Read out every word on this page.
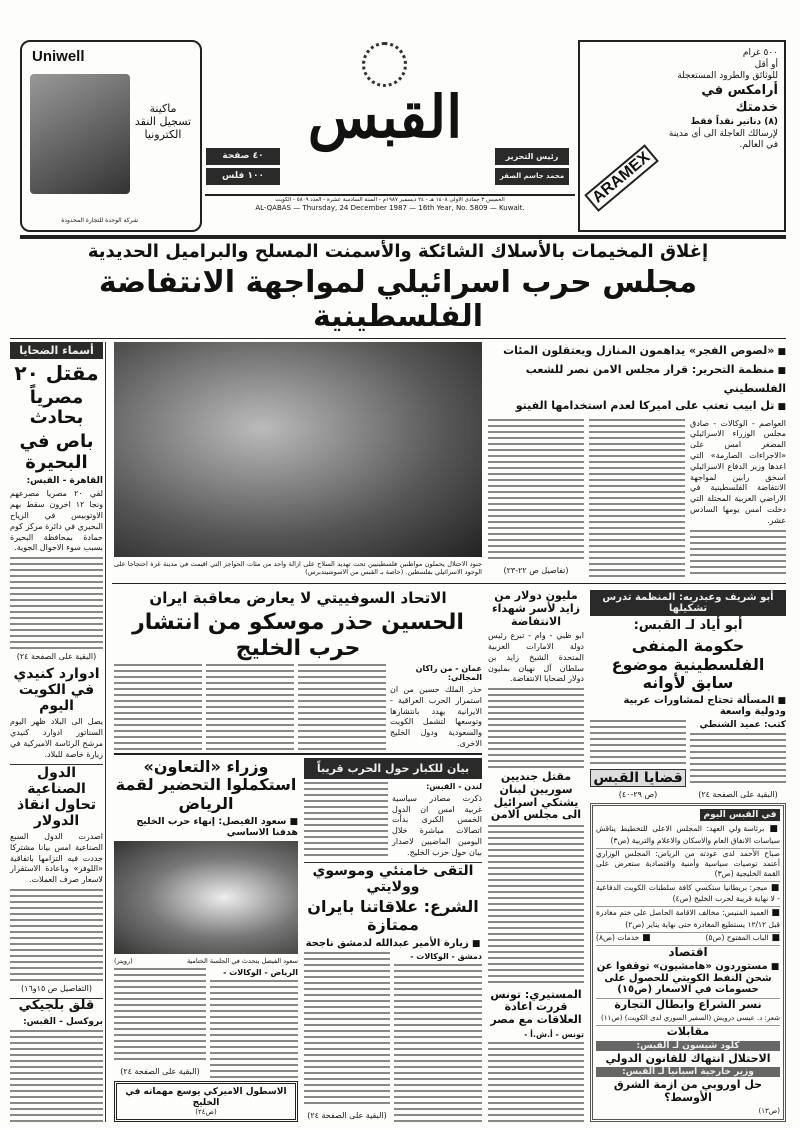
Uniwell
ماكينة تسجيل النقد الكترونيا
شركة الوحدة للتجارة المحدودة
٤٠ صفحة
١٠٠ فلس
القبس
رئيس التحرير
محمد جاسم الصقر
الخميس ٣ جمادى الاولى ١٤٠٨ هـ - ٢٤ ديسمبر ١٩٨٧م - السنة السادسة عشرة - العدد ٥٨٠٩ - الكويت
AL-QABAS — Thursday, 24 December 1987 — 16th Year, No. 5809 — Kuwait.
ARAMEX
٥٠٠ غرام
أو أقل
للوثائق والطرود المستعجلة
أرامكس في خدمتك
(٨) دنانير نقداً فقط
لإرسالك العاجلة الى أي مدينة في العالم.
إغلاق المخيمات بالأسلاك الشائكة والأسمنت المسلح والبراميل الحديدية
مجلس حرب اسرائيلي لمواجهة الانتفاضة الفلسطينية
■ «لصوص الفجر» يداهمون المنازل ويعتقلون المئات
■ منظمة التحرير: قرار مجلس الامن نصر للشعب الفلسطيني
■ تل ابيب تعتب على اميركا لعدم استخدامها الفيتو
العواصم - الوكالات - صادق مجلس الوزراء الاسرائيلي المصغر امس على «الاجراءات الصارمة» التي اعدها وزير الدفاع الاسرائيلي اسحق رابين لمواجهة الانتفاضة الفلسطينية في الاراضي العربية المحتلة التي دخلت امس يومها السادس عشر.
(تفاصيل ص ٢٢-٢٣)
جنود الاحتلال يحملون مواطنين فلسطينيين تحت تهديد السلاح على ازالة واحد من مئات الحواجز التي اقيمت في مدينة غزة احتجاجا على الوجود الاسرائيلي بفلسطين. (خاصة بـ القبس من الاسوشيتدبرس)
أبو شريف وعبدربه: المنظمة تدرس تشكيلها
أبو أياد لـ القبس:
حكومة المنفى الفلسطينية موضوع سابق لأوانه
■ المسألة تحتاج لمشاورات عربية ودولية واسعة
كتب: عميد الشنطي
(البقية على الصفحة ٢٤)
قضايا القبس
(ص ٢٩-٤٠)
في القبس اليوم
■ برئاسة ولي العهد: المجلس الاعلى للتخطيط يناقش سياسات الانفاق العام والاسكان والاعلام والتربية (ص٣)
صباح الأحمد لدى عودته من الرياض: المجلس الوزاري أعتمد توصيات سياسية وأمنية واقتصادية ستعرض على القمة الخليجية (ص٣)
■ ميجر: بريطانيا ستكسي كافة سلطنات الكويت الدفاعية - لا نهاية قريبة لحرب الخليج (ص٤)
■ العميد المنيس: مخالف الاقامة الحاصل على ختم مغادرة قبل ١٢/١٢ يستطيع المغادرة حتى نهاية يناير (ص٢)
■ الباب المفتوح (ص٥)
■ خدمات (ص٨)
اقتصاد
■ مستوردون «هامشيون» توقفوا عن شحن النفط الكويتي للحصول على حسومات في الاسعار (ص١٥)
نسر الشراع وابطال التجارة
شعر: د. عيسى درويش (السفير السوري لدى الكويت) (ص١١)
مقابلات
كلود شيسون لـ القبس:
الاحتلال انتهاك للقانون الدولي
وزير خارجية اسبانيا لـ القبس:
حل اوروبي من ازمة الشرق الأوسط؟
(ص١٣)
مليون دولار من زايد لأسر شهداء الانتفاضة
ابو ظبي - وام - تبرع رئيس دولة الامارات العربية المتحدة الشيخ زايد بن سلطان آل نهيان بمليون دولار لضحايا الانتفاضة.
مقتل جنديين سوريين لبنان يشتكي اسرائيل الى مجلس الامن
المستيري: تونس قررت اعادة العلاقات مع مصر
تونس - أ.ش.أ -
الاتحاد السوفييتي لا يعارض معاقبة ايران
الحسين حذر موسكو من انتشار حرب الخليج
عمان - من راكان المجالي:
حذر الملك حسين من ان استمرار الحرب العراقية - الايرانية يهدد بانتشارها وتوسعها لتشمل الكويت والسعودية ودول الخليج الاخرى.
بيان للكبار حول الحرب قريباً
لندن - القبس:
ذكرت مصادر سياسية غربية امس ان الدول الخمس الكبرى بدأت اتصالات مباشرة خلال اليومين الماضيين لاصدار بيان حول حرب الخليج.
التقى خامنئي وموسوي وولايتي
الشرع: علاقاتنا بايران ممتازة
■ زيارة الأمير عبدالله لدمشق ناجحة
دمشق - الوكالات -
(البقية على الصفحة ٢٤)
وزراء «التعاون» استكملوا التحضير لقمة الرياض
■ سعود الفيصل: إنهاء حرب الخليج هدفنا الاساسي
سعود الفيصل يتحدث في الجلسة الختامية
(رويتر)
الرياض - الوكالات -
(البقية على الصفحة ٢٤)
الاسطول الاميركي يوسع مهماته في الخليج
(ص٢٤)
أسماء الضحايا
مقتل ٢٠
مصرياً بحادث
باص في البحيرة
القاهرة - القبس:
لقي ٢٠ مصريا مصرعهم ونجا ١٢ اخرون سقط بهم الاوتوبيس في الرياح البحيري في دائرة مركز كوم حمادة بمحافظة البحيرة بسبب سوء الاحوال الجوية.
(البقية على الصفحة ٢٤)
ادوارد كنيدي في الكويت اليوم
يصل الى البلاد ظهر اليوم السناتور ادوارد كنيدي مرشح الرئاسة الاميركية في زيارة خاصة للبلاد.
الدول الصناعية تحاول انقاذ الدولار
اصدرت الدول السبع الصناعية امس بيانا مشتركا جددت فيه التزامها باتفاقية «اللوفر» وباعادة الاستقرار لاسعار صرف العملات.
(التفاصيل ص ١٥و١٦)
قلق بلجيكي
بروكسل - القبس:
